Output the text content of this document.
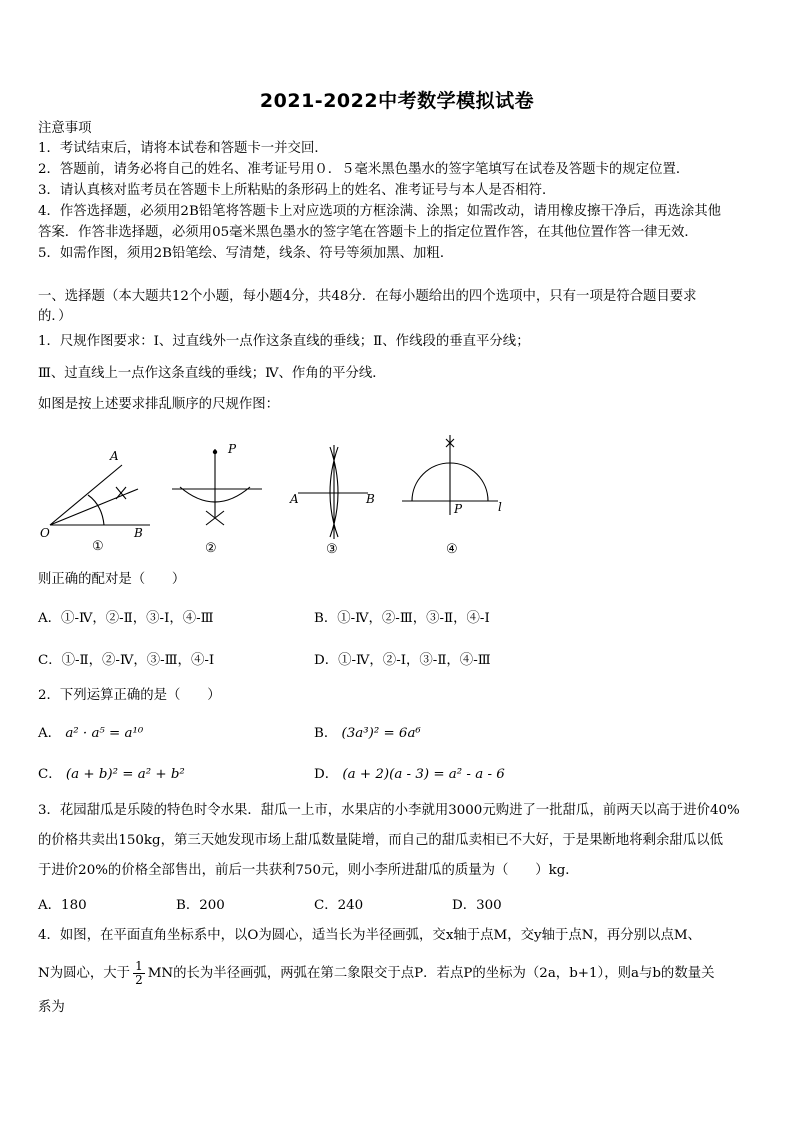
2021-2022中考数学模拟试卷
注意事项
1．考试结束后，请将本试卷和答题卡一并交回．
2．答题前，请务必将自己的姓名、准考证号用０．５毫米黑色墨水的签字笔填写在试卷及答题卡的规定位置．
3．请认真核对监考员在答题卡上所粘贴的条形码上的姓名、准考证号与本人是否相符．
4．作答选择题，必须用2B铅笔将答题卡上对应选项的方框涂满、涂黑；如需改动，请用橡皮擦干净后，再选涂其他
答案．作答非选择题，必须用05毫米黑色墨水的签字笔在答题卡上的指定位置作答，在其他位置作答一律无效．
5．如需作图，须用2B铅笔绘、写清楚，线条、符号等须加黑、加粗．
一、选择题（本大题共12个小题，每小题4分，共48分．在每小题给出的四个选项中，只有一项是符合题目要求
的．）
1．尺规作图要求：Ⅰ、过直线外一点作这条直线的垂线；Ⅱ、作线段的垂直平分线；
Ⅲ、过直线上一点作这条直线的垂线；Ⅳ、作角的平分线．
如图是按上述要求排乱顺序的尺规作图：
A
O	B
①
P
②
A	B
③
P	l
④
则正确的配对是（　　）
A．①-Ⅳ，②-Ⅱ，③-Ⅰ，④-Ⅲ	B．①-Ⅳ，②-Ⅲ，③-Ⅱ，④-Ⅰ
C．①-Ⅱ，②-Ⅳ，③-Ⅲ，④-Ⅰ	D．①-Ⅳ，②-Ⅰ，③-Ⅱ，④-Ⅲ
2．下列运算正确的是（　　）
A． a² · a⁵ = a¹⁰	B． (3a³)² = 6a⁶
C． (a + b)² = a² + b²	D． (a + 2)(a - 3) = a² - a - 6
3．花园甜瓜是乐陵的特色时令水果．甜瓜一上市，水果店的小李就用3000元购进了一批甜瓜，前两天以高于进价40%
的价格共卖出150kg，第三天她发现市场上甜瓜数量陡增，而自己的甜瓜卖相已不大好，于是果断地将剩余甜瓜以低
于进价20%的价格全部售出，前后一共获利750元，则小李所进甜瓜的质量为（　　）kg．
A．180	B．200	C．240	D．300
4．如图，在平面直角坐标系中，以O为圆心，适当长为半径画弧，交x轴于点M，交y轴于点N，再分别以点M、
N为圆心，大于 $\frac{1}{2}$ MN的长为半径画弧，两弧在第二象限交于点P．若点P的坐标为（2a，b+1），则a与b的数量关
系为
